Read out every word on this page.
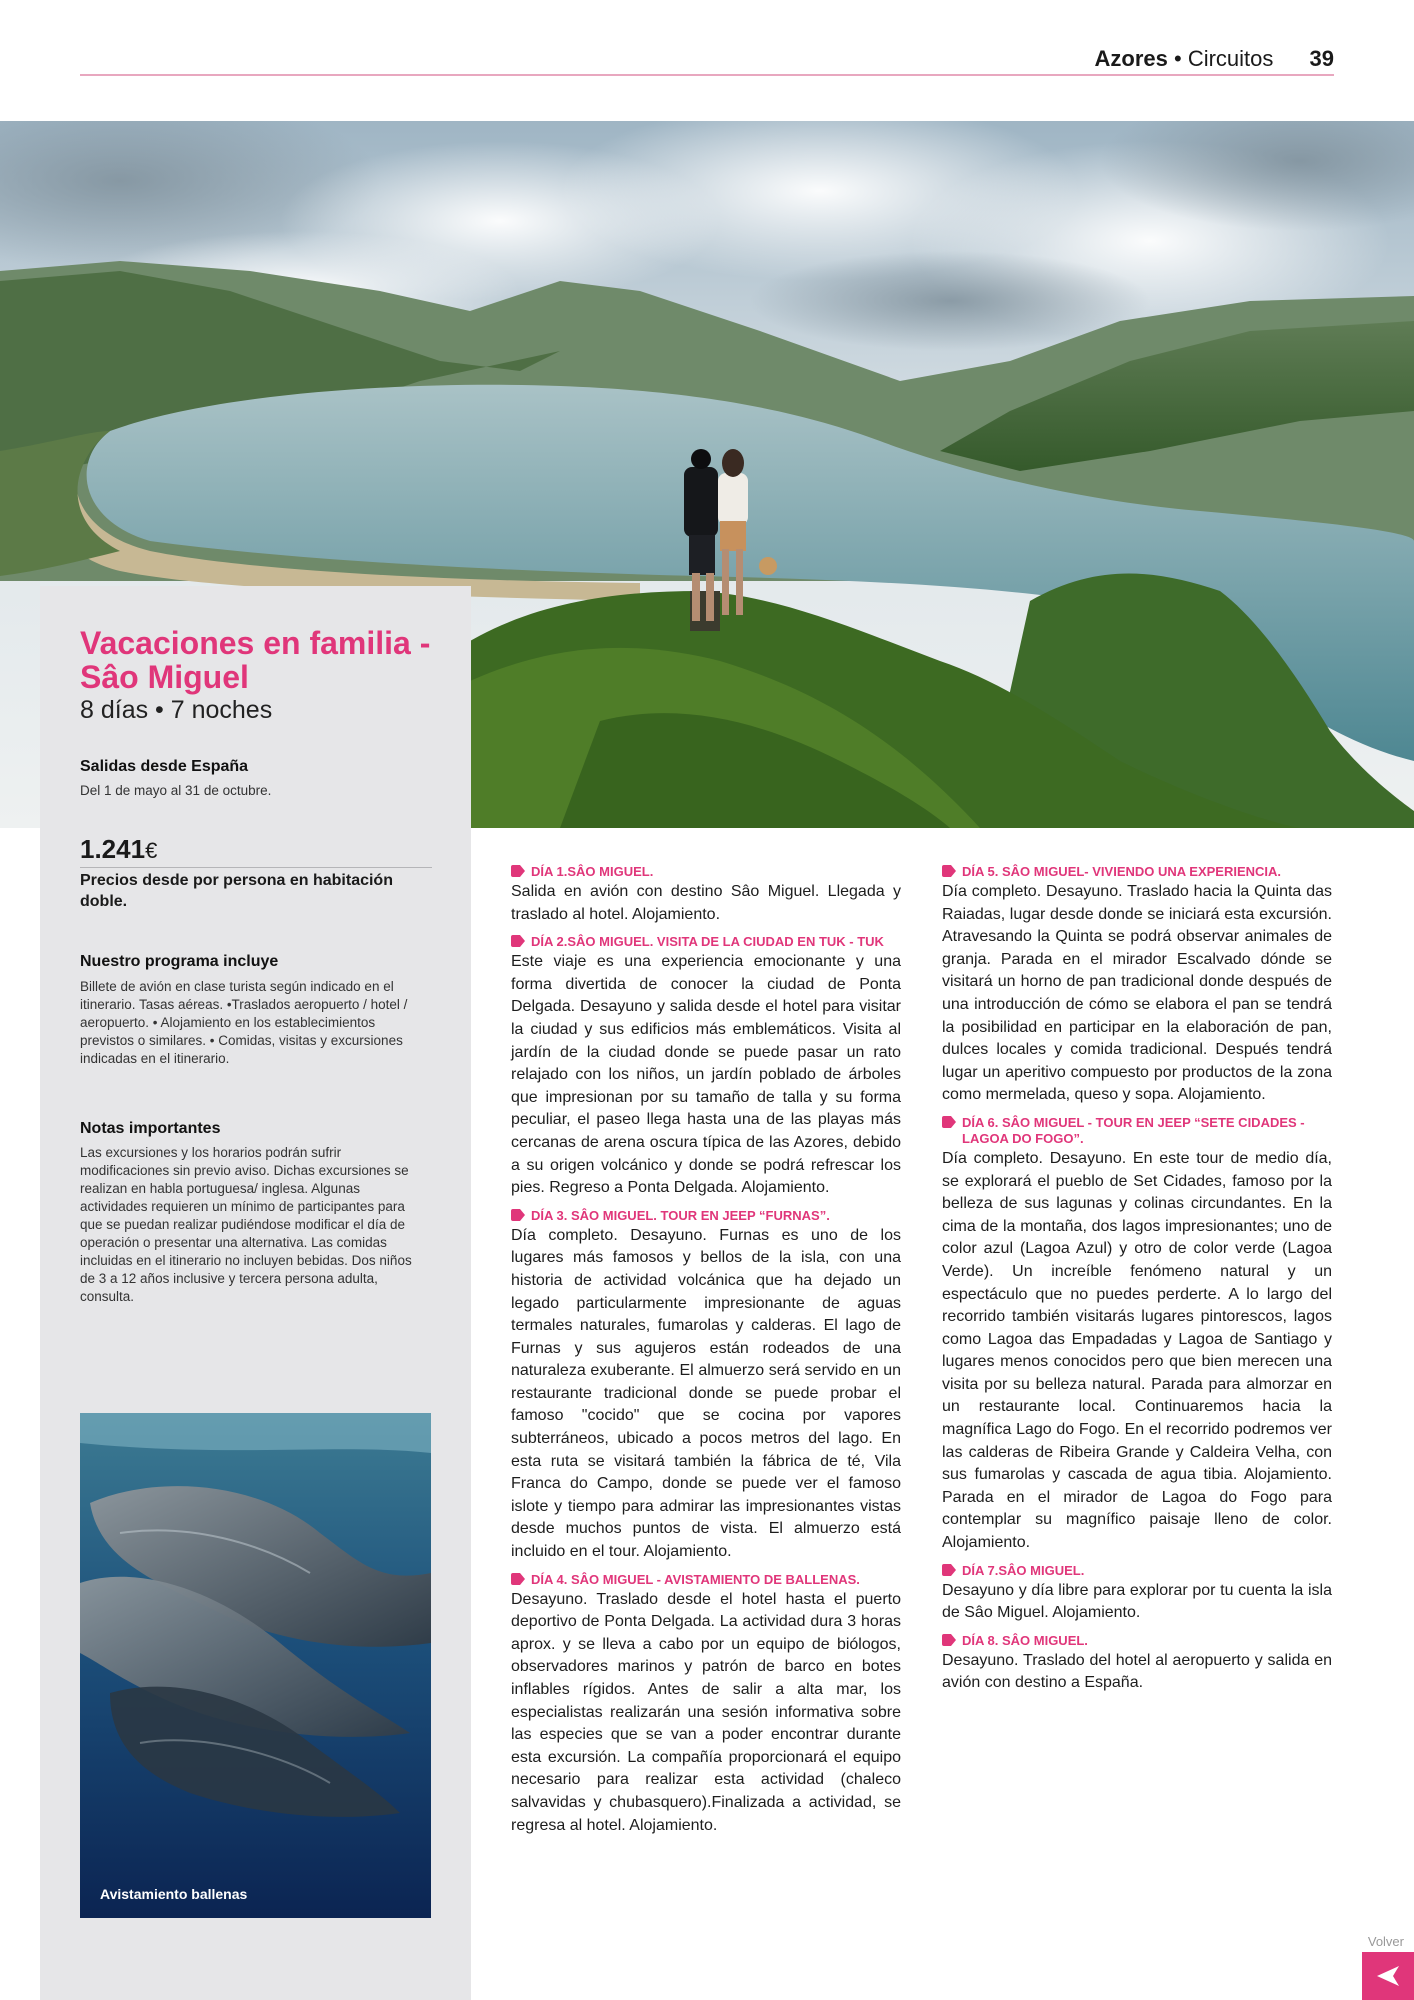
Azores • Circuitos 39
Vacaciones en familia - Sâo Miguel
8 días • 7 noches
Salidas desde España
Del 1 de mayo al 31 de octubre.
1.241€
Precios desde por persona en habitación doble.
Nuestro programa incluye
Billete de avión en clase turista según indicado en el itinerario. Tasas aéreas. •Traslados aeropuerto / hotel / aeropuerto. • Alojamiento en los establecimientos previstos o similares. • Comidas, visitas y excursiones indicadas en el itinerario.
Notas importantes
Las excursiones y los horarios podrán sufrir modificaciones sin previo aviso. Dichas excursiones se realizan en habla portuguesa/ inglesa. Algunas actividades requieren un mínimo de participantes para que se puedan realizar pudiéndose modificar el día de operación o presentar una alternativa. Las comidas incluidas en el itinerario no incluyen bebidas. Dos niños de 3 a 12 años inclusive y tercera persona adulta, consulta.
Avistamiento ballenas
DÍA 1.SÂO MIGUEL.
Salida en avión con destino Sâo Miguel. Llegada y traslado al hotel. Alojamiento.
DÍA 2.SÂO MIGUEL. VISITA DE LA CIUDAD EN TUK - TUK
Este viaje es una experiencia emocionante y una forma divertida de conocer la ciudad de Ponta Delgada. Desayuno y salida desde el hotel para visitar la ciudad y sus edificios más emblemáticos. Visita al jardín de la ciudad donde se puede pasar un rato relajado con los niños, un jardín poblado de árboles que impresionan por su tamaño de talla y su forma peculiar, el paseo llega hasta una de las playas más cercanas de arena oscura típica de las Azores, debido a su origen volcánico y donde se podrá refrescar los pies. Regreso a Ponta Delgada. Alojamiento.
DÍA 3. SÂO MIGUEL. TOUR EN JEEP “FURNAS”.
Día completo. Desayuno. Furnas es uno de los lugares más famosos y bellos de la isla, con una historia de actividad volcánica que ha dejado un legado particularmente impresionante de aguas termales naturales, fumarolas y calderas. El lago de Furnas y sus agujeros están rodeados de una naturaleza exuberante. El almuerzo será servido en un restaurante tradicional donde se puede probar el famoso "cocido" que se cocina por vapores subterráneos, ubicado a pocos metros del lago. En esta ruta se visitará también la fábrica de té, Vila Franca do Campo, donde se puede ver el famoso islote y tiempo para admirar las impresionantes vistas desde muchos puntos de vista. El almuerzo está incluido en el tour. Alojamiento.
DÍA 4. SÂO MIGUEL - AVISTAMIENTO DE BALLENAS.
Desayuno. Traslado desde el hotel hasta el puerto deportivo de Ponta Delgada. La actividad dura 3 horas aprox. y se lleva a cabo por un equipo de biólogos, observadores marinos y patrón de barco en botes inflables rígidos. Antes de salir a alta mar, los especialistas realizarán una sesión informativa sobre las especies que se van a poder encontrar durante esta excursión. La compañía proporcionará el equipo necesario para realizar esta actividad (chaleco salvavidas y chubasquero).Finalizada a actividad, se regresa al hotel. Alojamiento.
DÍA 5. SÂO MIGUEL- VIVIENDO UNA EXPERIENCIA.
Día completo. Desayuno. Traslado hacia la Quinta das Raiadas, lugar desde donde se iniciará esta excursión. Atravesando la Quinta se podrá observar animales de granja. Parada en el mirador Escalvado dónde se visitará un horno de pan tradicional donde después de una introducción de cómo se elabora el pan se tendrá la posibilidad en participar en la elaboración de pan, dulces locales y comida tradicional. Después tendrá lugar un aperitivo compuesto por productos de la zona como mermelada, queso y sopa. Alojamiento.
DÍA 6. SÂO MIGUEL - TOUR EN JEEP “SETE CIDADES - LAGOA DO FOGO”.
Día completo. Desayuno. En este tour de medio día, se explorará el pueblo de Set Cidades, famoso por la belleza de sus lagunas y colinas circundantes. En la cima de la montaña, dos lagos impresionantes; uno de color azul (Lagoa Azul) y otro de color verde (Lagoa Verde). Un increíble fenómeno natural y un espectáculo que no puedes perderte. A lo largo del recorrido también visitarás lugares pintorescos, lagos como Lagoa das Empadadas y Lagoa de Santiago y lugares menos conocidos pero que bien merecen una visita por su belleza natural. Parada para almorzar en un restaurante local. Continuaremos hacia la magnífica Lago do Fogo. En el recorrido podremos ver las calderas de Ribeira Grande y Caldeira Velha, con sus fumarolas y cascada de agua tibia. Alojamiento. Parada en el mirador de Lagoa do Fogo para contemplar su magnífico paisaje lleno de color. Alojamiento.
DÍA 7.SÂO MIGUEL.
Desayuno y día libre para explorar por tu cuenta la isla de Sâo Miguel. Alojamiento.
DÍA 8. SÂO MIGUEL.
Desayuno. Traslado del hotel al aeropuerto y salida en avión con destino a España.
Volver
